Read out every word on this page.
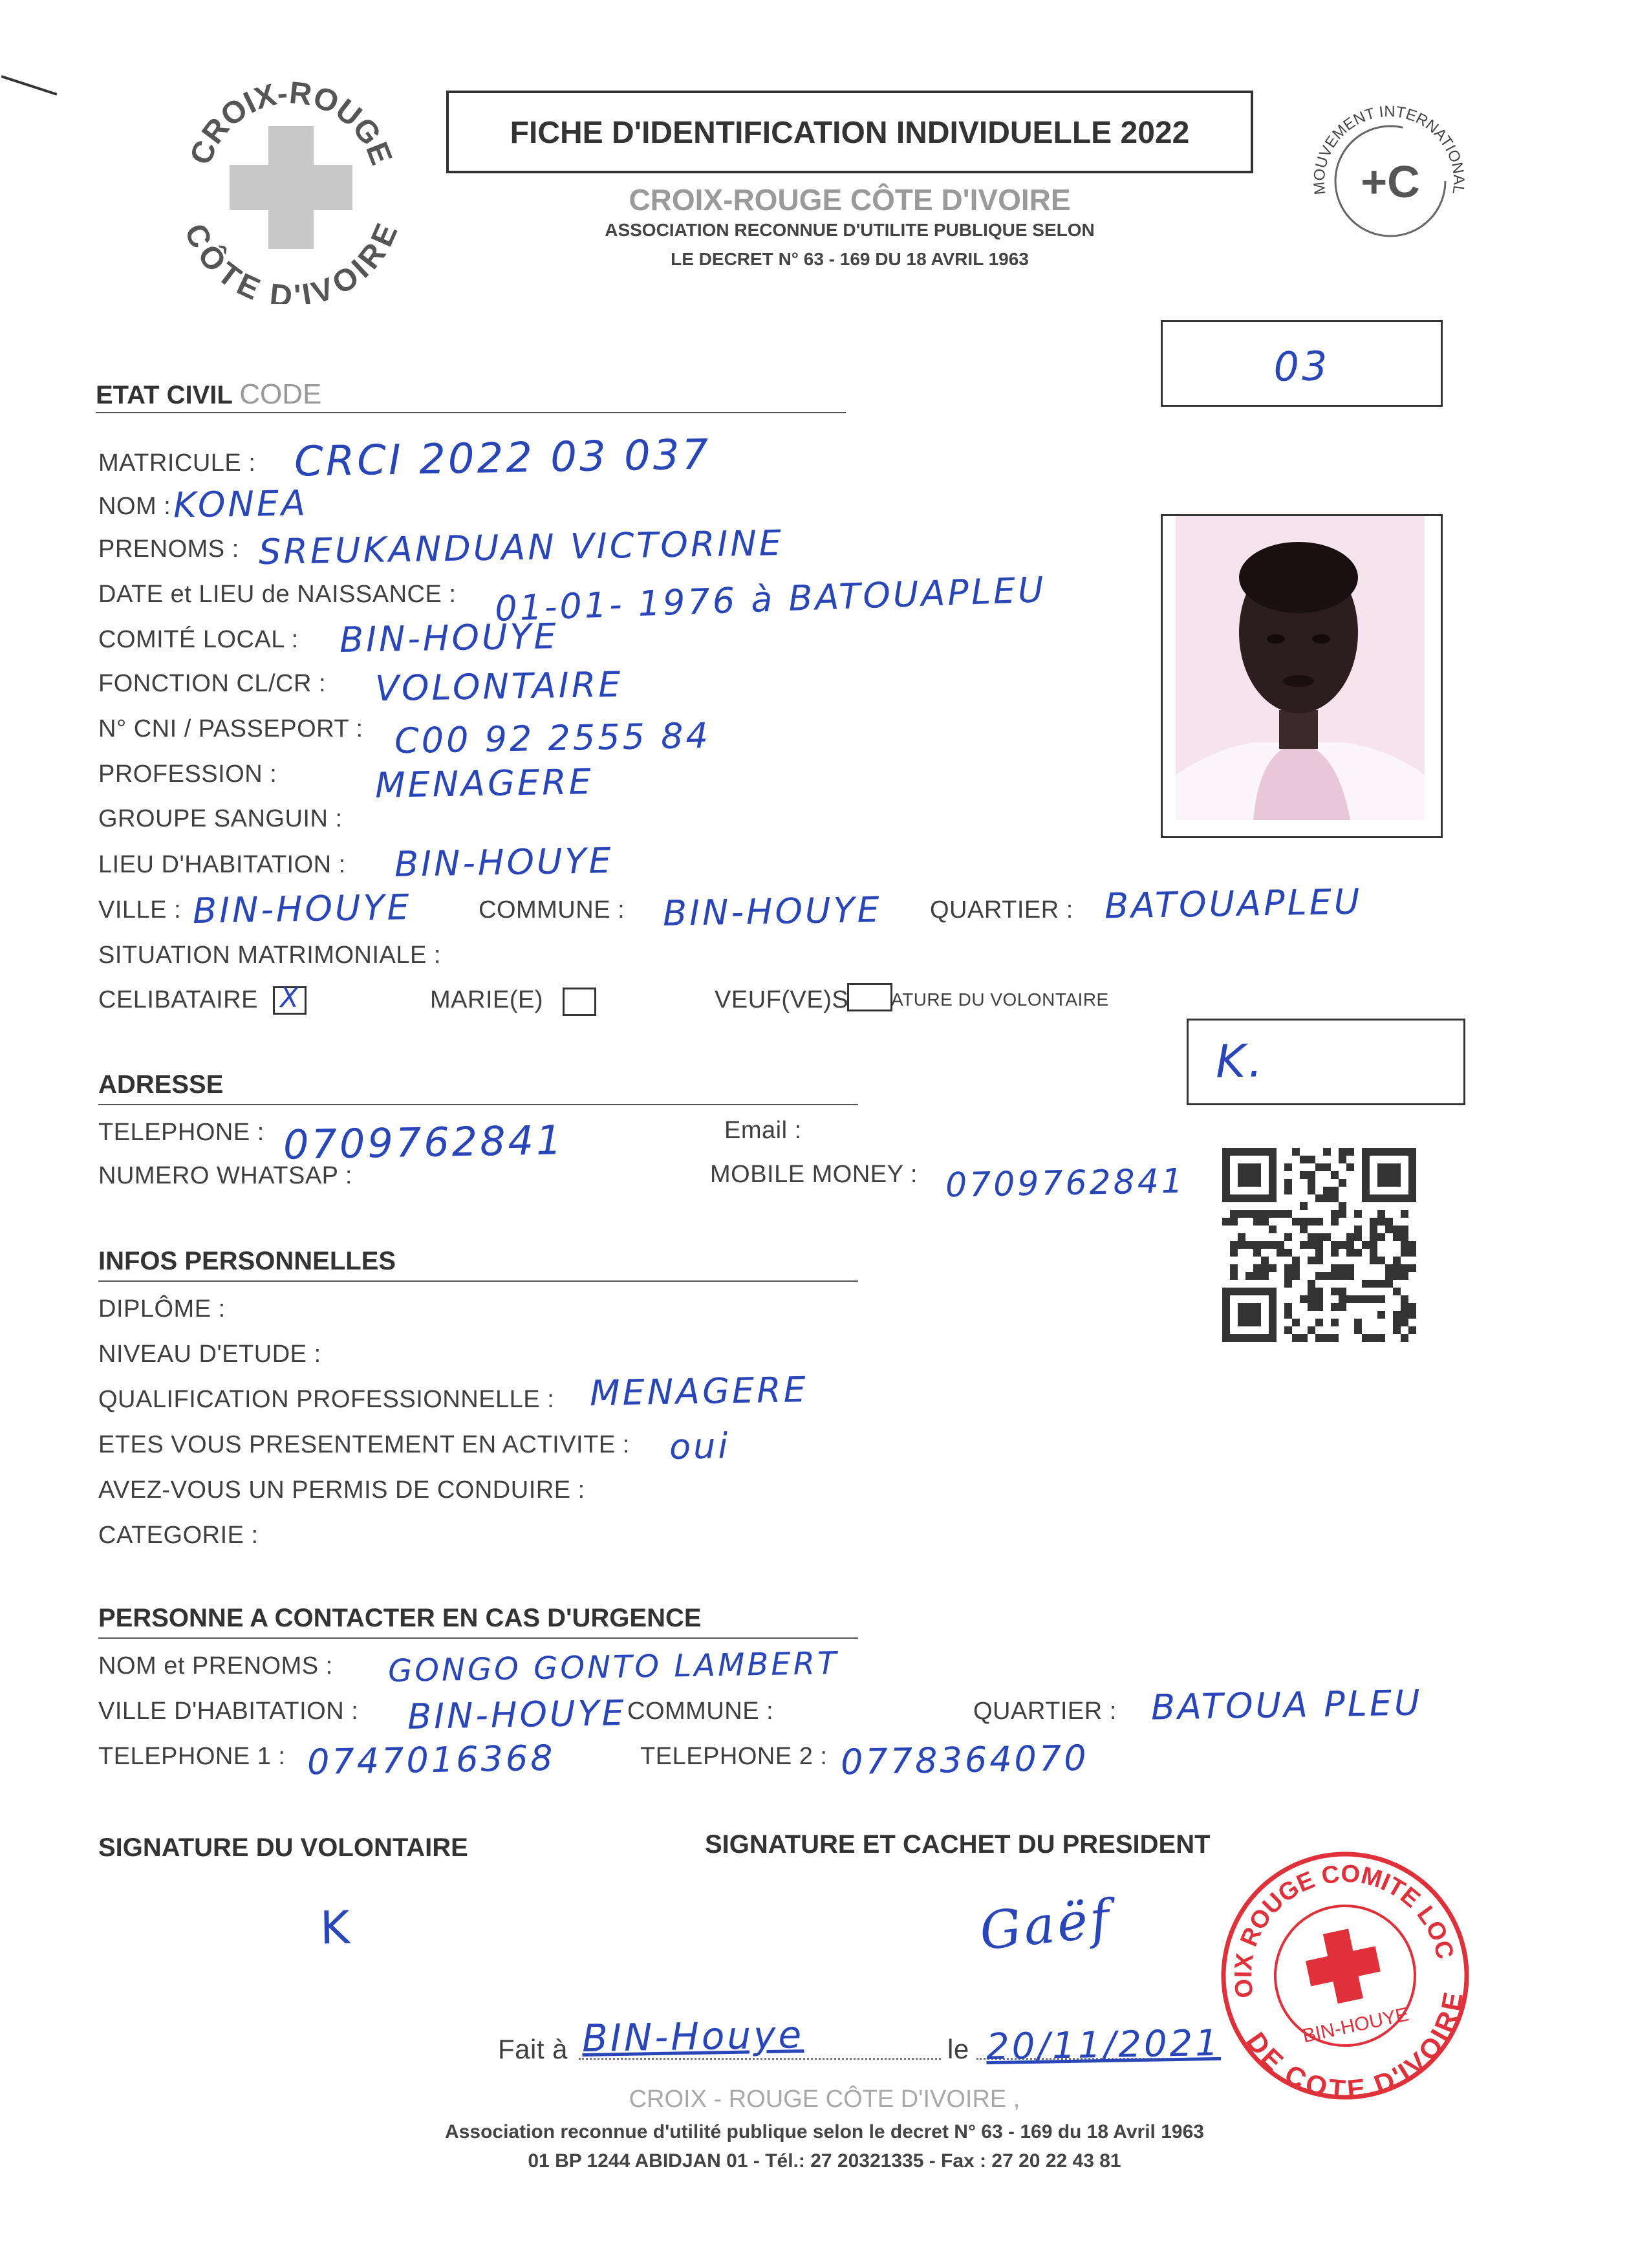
CROIX-ROUGE
CÔTE D'IVOIRE
FICHE D'IDENTIFICATION INDIVIDUELLE 2022
CROIX-ROUGE CÔTE D'IVOIRE
ASSOCIATION RECONNUE D'UTILITE PUBLIQUE SELON
LE DECRET N° 63 - 169 DU 18 AVRIL 1963
+C
MOUVEMENT INTERNATIONAL
03
ETAT CIVIL CODE
MATRICULE : CRCI 2022 03 037
NOM : KONEA
PRENOMS : SREUKANDUAN VICTORINE
DATE et LIEU de NAISSANCE : 01-01- 1976 à BATOUAPLEU
COMITÉ LOCAL : BIN-HOUYE
FONCTION CL/CR : VOLONTAIRE
N° CNI / PASSEPORT : C00 92 2555 84
PROFESSION :	MENAGERE
GROUPE SANGUIN :
LIEU D'HABITATION : BIN-HOUYE
VILLE : BIN-HOUYE	COMMUNE : BIN-HOUYE QUARTIER : BATOUAPLEU
SITUATION MATRIMONIALE :
CELIBATAIRE X	MARIE(E)	VEUF(VE)S ATURE DU VOLONTAIRE
K.
ADRESSE
TELEPHONE : 0709762841	Email :
NUMERO WHATSAP :	MOBILE MONEY : 0709762841
INFOS PERSONNELLES
DIPLÔME :
NIVEAU D'ETUDE :
QUALIFICATION PROFESSIONNELLE : MENAGERE
ETES VOUS PRESENTEMENT EN ACTIVITE : oui
AVEZ-VOUS UN PERMIS DE CONDUIRE :
CATEGORIE :
PERSONNE A CONTACTER EN CAS D'URGENCE
NOM et PRENOMS : GONGO GONTO LAMBERT
VILLE D'HABITATION : BIN-HOUYE COMMUNE :	QUARTIER : BATOUA PLEU
TELEPHONE 1 : 0747016368	TELEPHONE 2 : 0778364070
SIGNATURE DU VOLONTAIRE
K
SIGNATURE ET CACHET DU PRESIDENT
Gaëf
CROIX ROUGE COMITE LOCAL
DE COTE D'IVOIRE
BIN-HOUYE
Fait à BIN-Houye	le 20/11/2021
CROIX - ROUGE CÔTE D'IVOIRE ,
Association reconnue d'utilité publique selon le decret N° 63 - 169 du 18 Avril 1963
01 BP 1244 ABIDJAN 01 - Tél.: 27 20321335 - Fax : 27 20 22 43 81
